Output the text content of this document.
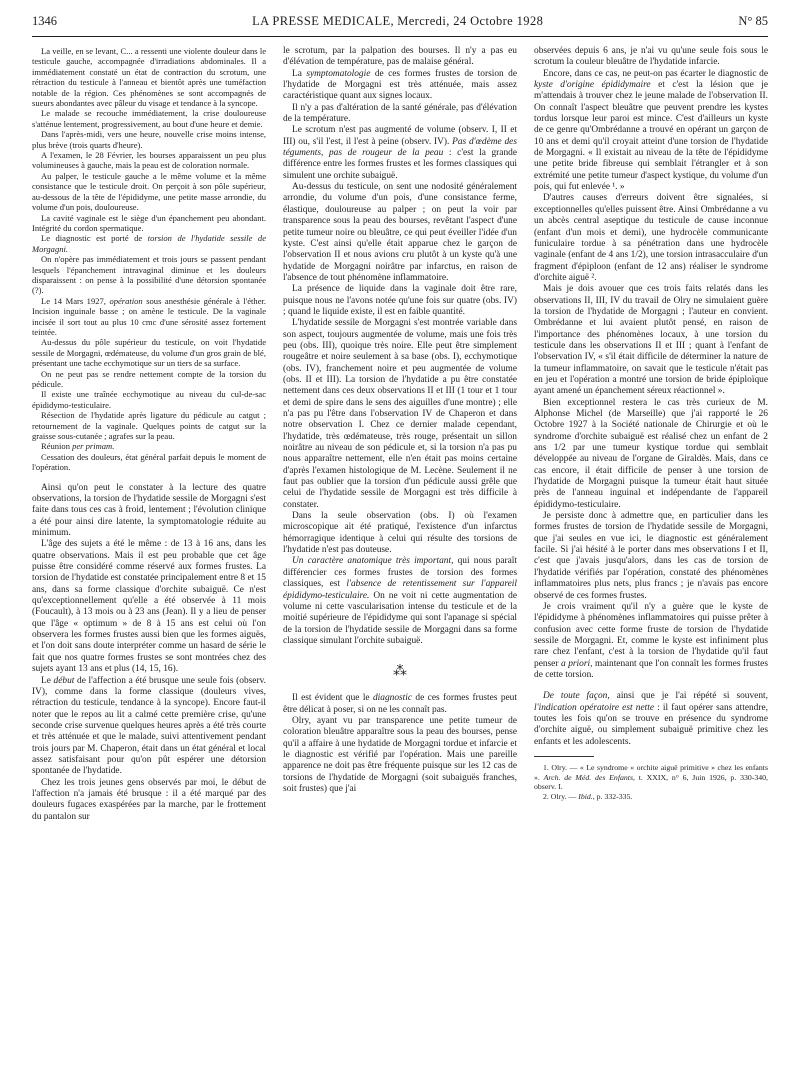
1346	LA PRESSE MEDICALE, Mercredi, 24 Octobre 1928	N° 85

La veille, en se levant, C... a ressenti une violente douleur dans le testicule gauche, accompagnée d'irradiations abdominales. Il a immédiatement constaté un état de contraction du scrotum, une rétraction du testicule à l'anneau et bientôt après une tuméfaction notable de la région. Ces phénomènes se sont accompagnés de sueurs abondantes avec pâleur du visage et tendance à la syncope.

Le malade se recouche immédiatement, la crise douloureuse s'atténue lentement, progressivement, au bout d'une heure et demie.

Dans l'après-midi, vers une heure, nouvelle crise moins intense, plus brève (trois quarts d'heure).

A l'examen, le 28 Février, les bourses apparaissent un peu plus volumineuses à gauche, mais la peau est de coloration normale.

Au palper, le testicule gauche a le même volume et la même consistance que le testicule droit. On perçoit à son pôle supérieur, au-dessous de la tête de l'épididyme, une petite masse arrondie, du volume d'un pois, douloureuse.

La cavité vaginale est le siège d'un épanchement peu abondant. Intégrité du cordon spermatique.

Le diagnostic est porté de torsion de l'hydatide sessile de Morgagni.

On n'opère pas immédiatement et trois jours se passent pendant lesquels l'épanchement intravaginal diminue et les douleurs disparaissent : on pense à la possibilité d'une détorsion spontanée (?).

Le 14 Mars 1927, opération sous anesthésie générale à l'éther. Incision inguinale basse ; on amène le testicule. De la vaginale incisée il sort tout au plus 10 cmc d'une sérosité assez fortement teintée.

Au-dessus du pôle supérieur du testicule, on voit l'hydatide sessile de Morgagni, œdémateuse, du volume d'un gros grain de blé, présentant une tache ecchymotique sur un tiers de sa surface.

On ne peut pas se rendre nettement compte de la torsion du pédicule.

Il existe une traînée ecchymotique au niveau du cul-de-sac épididymo-testiculaire.

Résection de l'hydatide après ligature du pédicule au catgut ; retournement de la vaginale. Quelques points de catgut sur la graisse sous-cutanée ; agrafes sur la peau.

Réunion per primam.

Cessation des douleurs, état général parfait depuis le moment de l'opération.

Ainsi qu'on peut le constater à la lecture des quatre observations, la torsion de l'hydatide sessile de Morgagni s'est faite dans tous ces cas à froid, lentement ; l'évolution clinique a été pour ainsi dire latente, la symptomatologie réduite au minimum.

L'âge des sujets a été le même : de 13 à 16 ans, dans les quatre observations. Mais il est peu probable que cet âge puisse être considéré comme réservé aux formes frustes. La torsion de l'hydatide est constatée principalement entre 8 et 15 ans, dans sa forme classique d'orchite subaiguë. Ce n'est qu'exceptionnellement qu'elle a été observée à 11 mois (Foucault), à 13 mois ou à 23 ans (Jean). Il y a lieu de penser que l'âge « optimum » de 8 à 15 ans est celui où l'on observera les formes frustes aussi bien que les formes aiguës, et l'on doit sans doute interpréter comme un hasard de série le fait que nos quatre formes frustes se sont montrées chez des sujets ayant 13 ans et plus (14, 15, 16).

Le début de l'affection a été brusque une seule fois (observ. IV), comme dans la forme classique (douleurs vives, rétraction du testicule, tendance à la syncope). Encore faut-il noter que le repos au lit a calmé cette première crise, qu'une seconde crise survenue quelques heures après a été très courte et très atténuée et que le malade, suivi attentivement pendant trois jours par M. Chaperon, était dans un état général et local assez satisfaisant pour qu'on pût espérer une détorsion spontanée de l'hydatide.

Chez les trois jeunes gens observés par moi, le début de l'affection n'a jamais été brusque : il a été marqué par des douleurs fugaces exaspérées par la marche, par le frottement du pantalon sur

le scrotum, par la palpation des bourses. Il n'y a pas eu d'élévation de température, pas de malaise général.

La symptomatologie de ces formes frustes de torsion de l'hydatide de Morgagni est très atténuée, mais assez caractéristique quant aux signes locaux.

Il n'y a pas d'altération de la santé générale, pas d'élévation de la température.

Le scrotum n'est pas augmenté de volume (observ. I, II et III) ou, s'il l'est, il l'est à peine (observ. IV). Pas d'œdème des téguments, pas de rougeur de la peau : c'est la grande différence entre les formes frustes et les formes classiques qui simulent une orchite subaiguë.

Au-dessus du testicule, on sent une nodosité généralement arrondie, du volume d'un pois, d'une consistance ferme, élastique, douloureuse au palper ; on peut la voir par transparence sous la peau des bourses, revêtant l'aspect d'une petite tumeur noire ou bleuâtre, ce qui peut éveiller l'idée d'un kyste. C'est ainsi qu'elle était apparue chez le garçon de l'observation II et nous avions cru plutôt à un kyste qu'à une hydatide de Morgagni noirâtre par infarctus, en raison de l'absence de tout phénomène inflammatoire.

La présence de liquide dans la vaginale doit être rare, puisque nous ne l'avons notée qu'une fois sur quatre (obs. IV) ; quand le liquide existe, il est en faible quantité.

L'hydatide sessile de Morgagni s'est montrée variable dans son aspect, toujours augmentée de volume, mais une fois très peu (obs. III), quoique très noire. Elle peut être simplement rougeâtre et noire seulement à sa base (obs. I), ecchymotique (obs. IV), franchement noire et peu augmentée de volume (obs. II et III). La torsion de l'hydatide a pu être constatée nettement dans ces deux observations II et III (1 tour et 1 tour et demi de spire dans le sens des aiguilles d'une montre) ; elle n'a pas pu l'être dans l'observation IV de Chaperon et dans notre observation I. Chez ce dernier malade cependant, l'hydatide, très œdémateuse, très rouge, présentait un sillon noirâtre au niveau de son pédicule et, si la torsion n'a pas pu nous apparaître nettement, elle n'en était pas moins certaine d'après l'examen histologique de M. Lecène. Seulement il ne faut pas oublier que la torsion d'un pédicule aussi grêle que celui de l'hydatide sessile de Morgagni est très difficile à constater.

Dans la seule observation (obs. I) où l'examen microscopique ait été pratiqué, l'existence d'un infarctus hémorragique identique à celui qui résulte des torsions de l'hydatide n'est pas douteuse.

Un caractère anatomique très important, qui nous paraît différencier ces formes frustes de torsion des formes classiques, est l'absence de retentissement sur l'appareil épididymo-testiculaire. On ne voit ni cette augmentation de volume ni cette vascularisation intense du testicule et de la moitié supérieure de l'épididyme qui sont l'apanage si spécial de la torsion de l'hydatide sessile de Morgagni dans sa forme classique simulant l'orchite subaiguë.

⁂

Il est évident que le diagnostic de ces formes frustes peut être délicat à poser, si on ne les connaît pas.

Olry, ayant vu par transparence une petite tumeur de coloration bleuâtre apparaître sous la peau des bourses, pense qu'il a affaire à une hydatide de Morgagni tordue et infarcie et le diagnostic est vérifié par l'opération. Mais une pareille apparence ne doit pas être fréquente puisque sur les 12 cas de torsions de l'hydatide de Morgagni (soit subaiguës franches, soit frustes) que j'ai

observées depuis 6 ans, je n'ai vu qu'une seule fois sous le scrotum la couleur bleuâtre de l'hydatide infarcie.

Encore, dans ce cas, ne peut-on pas écarter le diagnostic de kyste d'origine épididymaire et c'est la lésion que je m'attendais à trouver chez le jeune malade de l'observation II. On connaît l'aspect bleuâtre que peuvent prendre les kystes tordus lorsque leur paroi est mince. C'est d'ailleurs un kyste de ce genre qu'Ombrédanne a trouvé en opérant un garçon de 10 ans et demi qu'il croyait atteint d'une torsion de l'hydatide de Morgagni. « Il existait au niveau de la tête de l'épididyme une petite bride fibreuse qui semblait l'étrangler et à son extrémité une petite tumeur d'aspect kystique, du volume d'un pois, qui fut enlevée ¹. »

D'autres causes d'erreurs doivent être signalées, si exceptionnelles qu'elles puissent être. Ainsi Ombrédanne a vu un abcès central aseptique du testicule de cause inconnue (enfant d'un mois et demi), une hydrocèle communicante funiculaire tordue à sa pénétration dans une hydrocèle vaginale (enfant de 4 ans 1/2), une torsion intrasacculaire d'un fragment d'épiploon (enfant de 12 ans) réaliser le syndrome d'orchite aiguë ².

Mais je dois avouer que ces trois faits relatés dans les observations II, III, IV du travail de Olry ne simulaient guère la torsion de l'hydatide de Morgagni ; l'auteur en convient. Ombrédanne et lui avaient plutôt pensé, en raison de l'importance des phénomènes locaux, à une torsion du testicule dans les observations II et III ; quant à l'enfant de l'observation IV, « s'il était difficile de déterminer la nature de la tumeur inflammatoire, on savait que le testicule n'était pas en jeu et l'opération a montré une torsion de bride épiploïque ayant amené un épanchement séreux réactionnel ».

Bien exceptionnel restera le cas très curieux de M. Alphonse Michel (de Marseille) que j'ai rapporté le 26 Octobre 1927 à la Société nationale de Chirurgie et où le syndrome d'orchite subaiguë est réalisé chez un enfant de 2 ans 1/2 par une tumeur kystique tordue qui semblait développée au niveau de l'organe de Giraldès. Mais, dans ce cas encore, il était difficile de penser à une torsion de l'hydatide de Morgagni puisque la tumeur était haut située près de l'anneau inguinal et indépendante de l'appareil épididymo-testiculaire.

Je persiste donc à admettre que, en particulier dans les formes frustes de torsion de l'hydatide sessile de Morgagni, que j'ai seules en vue ici, le diagnostic est généralement facile. Si j'ai hésité à le porter dans mes observations I et II, c'est que j'avais jusqu'alors, dans les cas de torsion de l'hydatide vérifiés par l'opération, constaté des phénomènes inflammatoires plus nets, plus francs ; je n'avais pas encore observé de ces formes frustes.

Je crois vraiment qu'il n'y a guère que le kyste de l'épididyme à phénomènes inflammatoires qui puisse prêter à confusion avec cette forme fruste de torsion de l'hydatide sessile de Morgagni. Et, comme le kyste est infiniment plus rare chez l'enfant, c'est à la torsion de l'hydatide qu'il faut penser a priori, maintenant que l'on connaît les formes frustes de cette torsion.

De toute façon, ainsi que je l'ai répété si souvent, l'indication opératoire est nette : il faut opérer sans attendre, toutes les fois qu'on se trouve en présence du syndrome d'orchite aiguë, ou simplement subaiguë primitive chez les enfants et les adolescents.

1. Olry. — « Le syndrome « orchite aiguë primitive » chez les enfants ». Arch. de Méd. des Enfants, t. XXIX, n° 6, Juin 1926, p. 330-340, observ. I.

2. Olry. — Ibid., p. 332-335.
